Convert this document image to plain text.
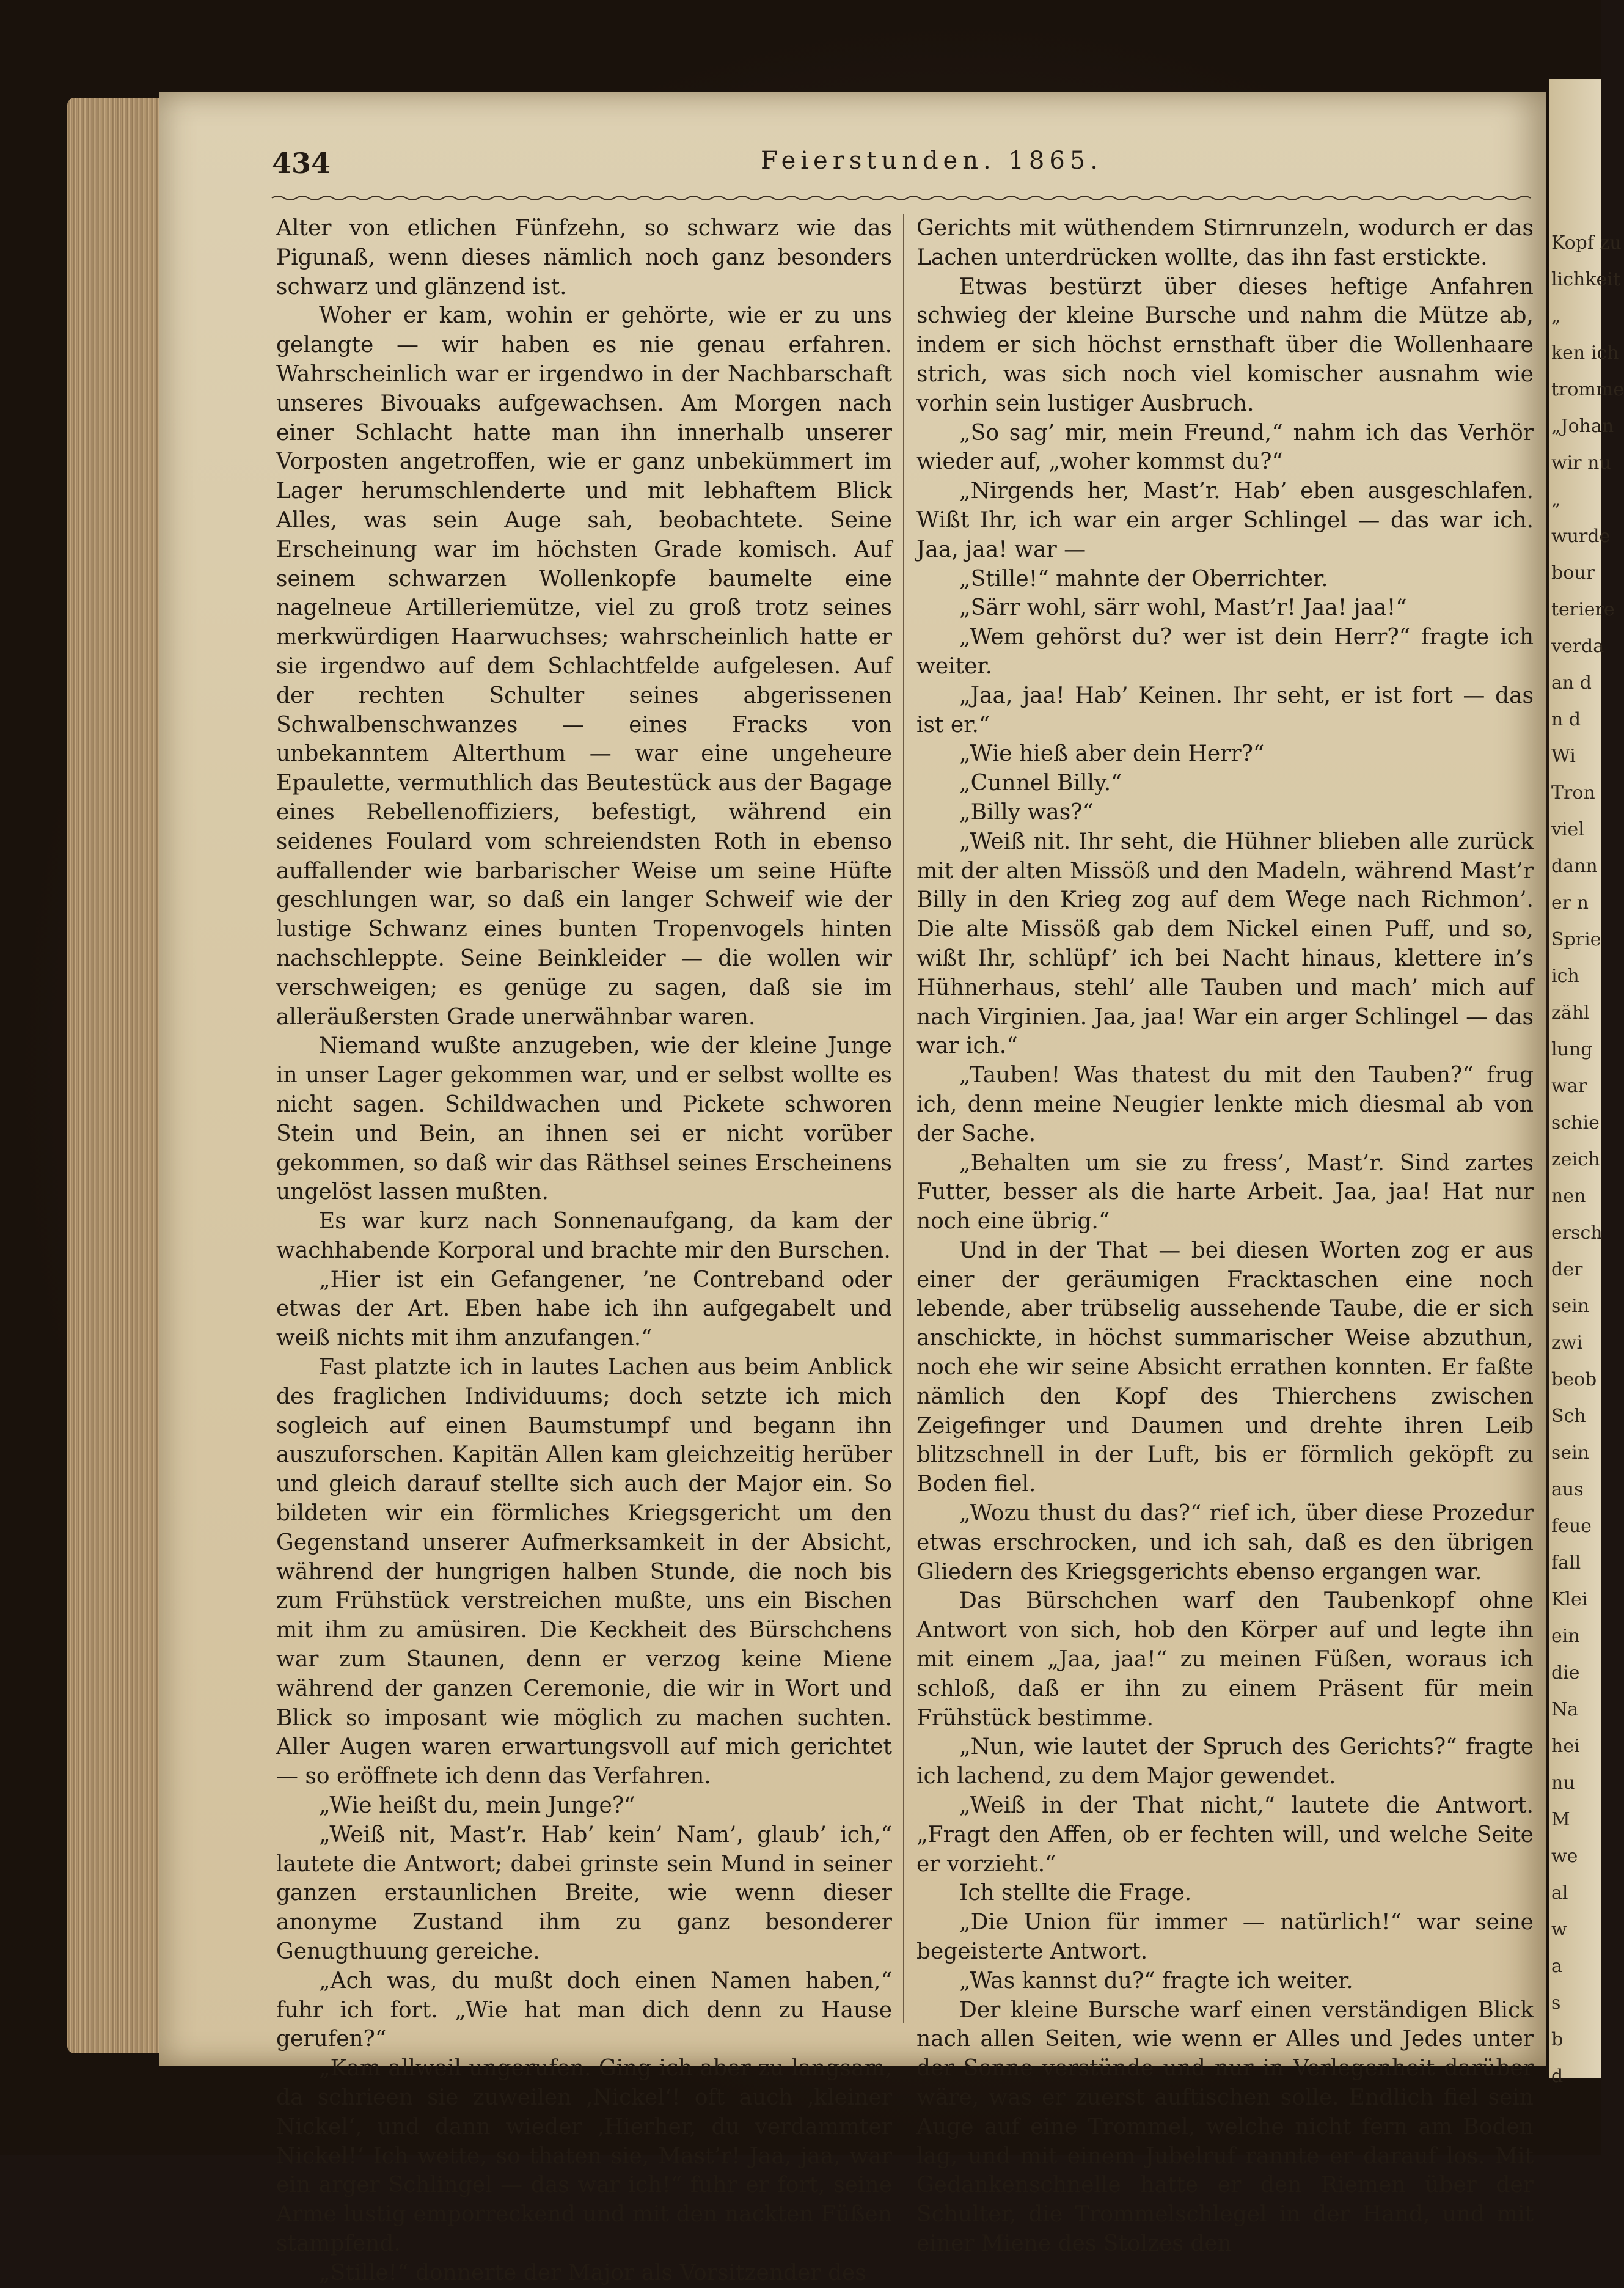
Kopf zu
lichkeit
„
ken ich
tromme
„Johan
wir nu
„
wurde
bour
teriere
verda
an d
n d
Wi
Tron
viel
dann
er n
Sprie
ich
zähl
lung
war
schie
zeich
nen
ersch
der
sein
zwi
beob
Sch
sein
aus
feue
fall
Klei
ein
die
Na
hei
nu
M
we
al
w
a
s
b
d
434	Feierstunden. 1865.

Alter von etlichen Fünfzehn, so schwarz wie das Pigunaß, wenn dieses nämlich noch ganz besonders schwarz und glänzend ist.

Woher er kam, wohin er gehörte, wie er zu uns gelangte — wir haben es nie genau erfahren. Wahrscheinlich war er irgendwo in der Nachbarschaft unseres Bivouaks aufgewachsen. Am Morgen nach einer Schlacht hatte man ihn innerhalb unserer Vorposten angetroffen, wie er ganz unbekümmert im Lager herumschlenderte und mit lebhaftem Blick Alles, was sein Auge sah, beobachtete. Seine Erscheinung war im höchsten Grade komisch. Auf seinem schwarzen Wollenkopfe baumelte eine nagelneue Artilleriemütze, viel zu groß trotz seines merkwürdigen Haarwuchses; wahrscheinlich hatte er sie irgendwo auf dem Schlachtfelde aufgelesen. Auf der rechten Schulter seines abgerissenen Schwalbenschwanzes — eines Fracks von unbekanntem Alterthum — war eine ungeheure Epaulette, vermuthlich das Beutestück aus der Bagage eines Rebellenoffiziers, befestigt, während ein seidenes Foulard vom schreiendsten Roth in ebenso auffallender wie barbarischer Weise um seine Hüfte geschlungen war, so daß ein langer Schweif wie der lustige Schwanz eines bunten Tropenvogels hinten nachschleppte. Seine Beinkleider — die wollen wir verschweigen; es genüge zu sagen, daß sie im alleräußersten Grade unerwähnbar waren.

Niemand wußte anzugeben, wie der kleine Junge in unser Lager gekommen war, und er selbst wollte es nicht sagen. Schildwachen und Pickete schworen Stein und Bein, an ihnen sei er nicht vorüber gekommen, so daß wir das Räthsel seines Erscheinens ungelöst lassen mußten.

Es war kurz nach Sonnenaufgang, da kam der wachhabende Korporal und brachte mir den Burschen.

„Hier ist ein Gefangener, ’ne Contreband oder etwas der Art. Eben habe ich ihn aufgegabelt und weiß nichts mit ihm anzufangen.“

Fast platzte ich in lautes Lachen aus beim Anblick des fraglichen Individuums; doch setzte ich mich sogleich auf einen Baumstumpf und begann ihn auszuforschen. Kapitän Allen kam gleichzeitig herüber und gleich darauf stellte sich auch der Major ein. So bildeten wir ein förmliches Kriegsgericht um den Gegenstand unserer Aufmerksamkeit in der Absicht, während der hungrigen halben Stunde, die noch bis zum Frühstück verstreichen mußte, uns ein Bischen mit ihm zu amüsiren. Die Keckheit des Bürschchens war zum Staunen, denn er verzog keine Miene während der ganzen Ceremonie, die wir in Wort und Blick so imposant wie möglich zu machen suchten. Aller Augen waren erwartungsvoll auf mich gerichtet — so eröffnete ich denn das Verfahren.

„Wie heißt du, mein Junge?“

„Weiß nit, Mast’r. Hab’ kein’ Nam’, glaub’ ich,“ lautete die Antwort; dabei grinste sein Mund in seiner ganzen erstaunlichen Breite, wie wenn dieser anonyme Zustand ihm zu ganz besonderer Genugthuung gereiche.

„Ach was, du mußt doch einen Namen haben,“ fuhr ich fort. „Wie hat man dich denn zu Hause gerufen?“

„Kam allweil ungerufen. Ging ich aber zu langsam, da schrieen sie zuweilen ‚Nickel‘! oft auch ‚kleiner Nickel‘, und dann wieder ‚Hierher, du verdammter Nickel!‘ Ich wette, so thaten sie, Mast’r! Jaa, jaa, war ein arger Schlingel — das war ich!“ fuhr er fort, seine Arme lustig emporreckend und mit den nackten Füßen stampfend.

„Stille!“ donnerte der Major als Vorsitzender des

Gerichts mit wüthendem Stirnrunzeln, wodurch er das Lachen unterdrücken wollte, das ihn fast erstickte.

Etwas bestürzt über dieses heftige Anfahren schwieg der kleine Bursche und nahm die Mütze ab, indem er sich höchst ernsthaft über die Wollenhaare strich, was sich noch viel komischer ausnahm wie vorhin sein lustiger Ausbruch.

„So sag’ mir, mein Freund,“ nahm ich das Verhör wieder auf, „woher kommst du?“

„Nirgends her, Mast’r. Hab’ eben ausgeschlafen. Wißt Ihr, ich war ein arger Schlingel — das war ich. Jaa, jaa! war —

„Stille!“ mahnte der Oberrichter.

„Särr wohl, särr wohl, Mast’r! Jaa! jaa!“

„Wem gehörst du? wer ist dein Herr?“ fragte ich weiter.

„Jaa, jaa! Hab’ Keinen. Ihr seht, er ist fort — das ist er.“

„Wie hieß aber dein Herr?“

„Cunnel Billy.“

„Billy was?“

„Weiß nit. Ihr seht, die Hühner blieben alle zurück mit der alten Missöß und den Madeln, während Mast’r Billy in den Krieg zog auf dem Wege nach Richmon’. Die alte Missöß gab dem Nickel einen Puff, und so, wißt Ihr, schlüpf’ ich bei Nacht hinaus, klettere in’s Hühnerhaus, stehl’ alle Tauben und mach’ mich auf nach Virginien. Jaa, jaa! War ein arger Schlingel — das war ich.“

„Tauben! Was thatest du mit den Tauben?“ frug ich, denn meine Neugier lenkte mich diesmal ab von der Sache.

„Behalten um sie zu fress’, Mast’r. Sind zartes Futter, besser als die harte Arbeit. Jaa, jaa! Hat nur noch eine übrig.“

Und in der That — bei diesen Worten zog er aus einer der geräumigen Fracktaschen eine noch lebende, aber trübselig aussehende Taube, die er sich anschickte, in höchst summarischer Weise abzuthun, noch ehe wir seine Absicht errathen konnten. Er faßte nämlich den Kopf des Thierchens zwischen Zeigefinger und Daumen und drehte ihren Leib blitzschnell in der Luft, bis er förmlich geköpft zu Boden fiel.

„Wozu thust du das?“ rief ich, über diese Prozedur etwas erschrocken, und ich sah, daß es den übrigen Gliedern des Kriegsgerichts ebenso ergangen war.

Das Bürschchen warf den Taubenkopf ohne Antwort von sich, hob den Körper auf und legte ihn mit einem „Jaa, jaa!“ zu meinen Füßen, woraus ich schloß, daß er ihn zu einem Präsent für mein Frühstück bestimme.

„Nun, wie lautet der Spruch des Gerichts?“ fragte ich lachend, zu dem Major gewendet.

„Weiß in der That nicht,“ lautete die Antwort. „Fragt den Affen, ob er fechten will, und welche Seite er vorzieht.“

Ich stellte die Frage.

„Die Union für immer — natürlich!“ war seine begeisterte Antwort.

„Was kannst du?“ fragte ich weiter.

Der kleine Bursche warf einen verständigen Blick nach allen Seiten, wie wenn er Alles und Jedes unter der Sonne verstünde und nur in Verlegenheit darüber wäre, was er zuerst auftischen solle. Endlich fiel sein Auge auf eine Trommel, welche nicht fern am Boden lag, und mit einem Jubelruf rannte er darauf los. Mit Gedankenschnelle hatte er den Riemen über der Schulter, die Trommelschlegel in der Hand, und mit einer Miene des Stolzes den
